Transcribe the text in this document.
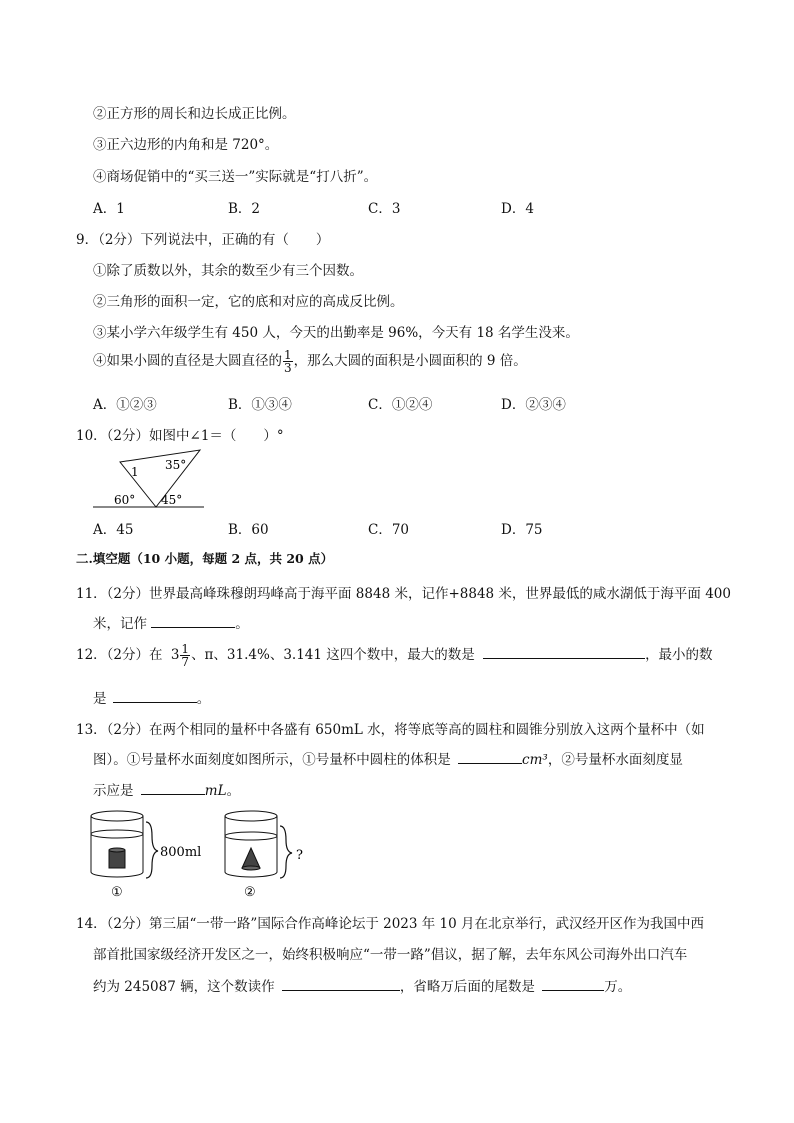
②正方形的周长和边长成正比例。
③正六边形的内角和是 720°。
④商场促销中的“买三送一”实际就是“打八折”。
A．1	B．2	C．3	D．4
9．（2分）下列说法中，正确的有（　　）
①除了质数以外，其余的数至少有三个因数。
②三角形的面积一定，它的底和对应的高成反比例。
③某小学六年级学生有 450 人，今天的出勤率是 96%，今天有 18 名学生没来。
④如果小圆的直径是大圆直径的 $\frac{1}{3}$ ，那么大圆的面积是小圆面积的 9 倍。
A．①②③	B．①③④	C．①②④	D．②③④
10．（2分）如图中∠1＝（　　）°
1 35°
60° 45°
A．45	B．60	C．70	D．75
二.填空题（10 小题，每题 2 点，共 20 点）
11．（2分）世界最高峰珠穆朗玛峰高于海平面 8848 米，记作+8848 米，世界最低的咸水湖低于海平面 400
米，记作	。
12．（2分）在 $3 \frac{1}{7}$ 、π、31.4%、3.141 这四个数中，最大的数是	，最小的数
是	。
13．（2分）在两个相同的量杯中各盛有 650mL 水，将等底等高的圆柱和圆锥分别放入这两个量杯中（如
图）。①号量杯水面刻度如图所示，①号量杯中圆柱的体积是	cm³，②号量杯水面刻度显
示应是	mL。
800ml
①
?
②
14．（2分）第三届“一带一路”国际合作高峰论坛于 2023 年 10 月在北京举行，武汉经开区作为我国中西
部首批国家级经济开发区之一，始终积极响应“一带一路”倡议，据了解，去年东风公司海外出口汽车
约为 245087 辆，这个数读作	，省略万后面的尾数是	万。
